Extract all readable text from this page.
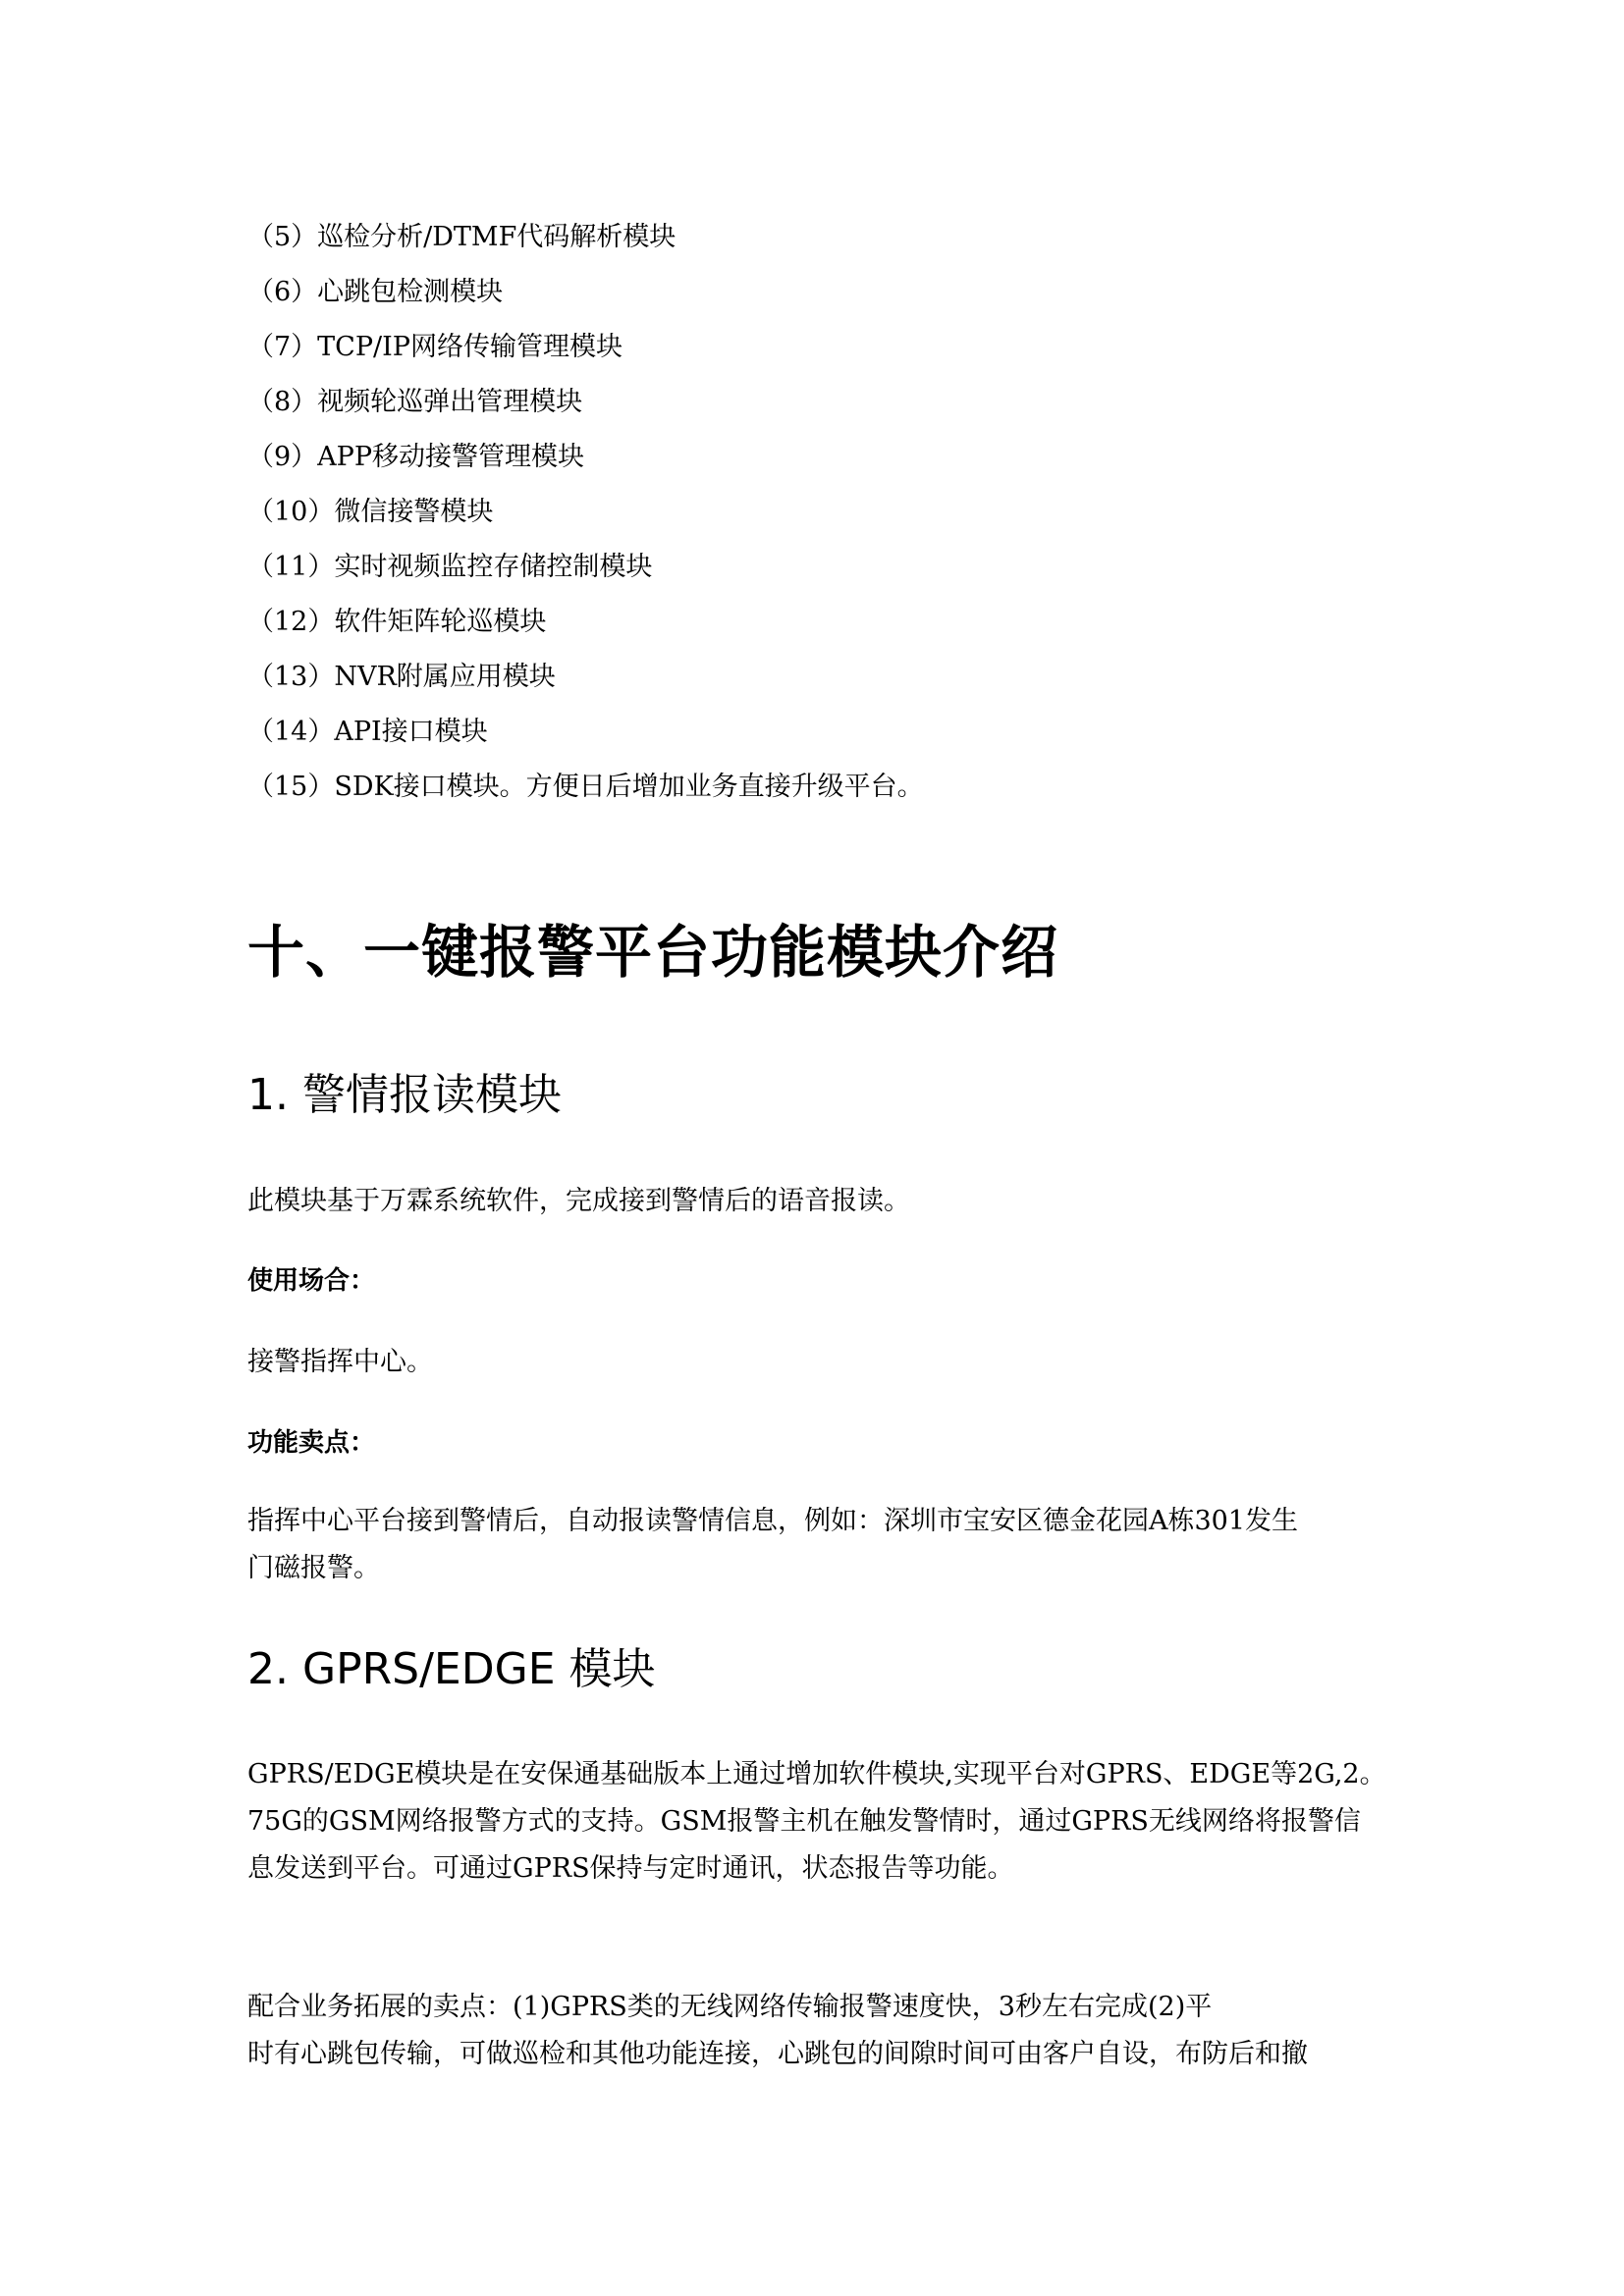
（5）巡检分析/DTMF代码解析模块
（6）心跳包检测模块
（7）TCP/IP网络传输管理模块
（8）视频轮巡弹出管理模块
（9）APP移动接警管理模块
（10）微信接警模块
（11）实时视频监控存储控制模块
（12）软件矩阵轮巡模块
（13）NVR附属应用模块
（14）API接口模块
（15）SDK接口模块。方便日后增加业务直接升级平台。
十、一键报警平台功能模块介绍
1. 警情报读模块
此模块基于万霖系统软件，完成接到警情后的语音报读。
使用场合：
接警指挥中心。
功能卖点：
指挥中心平台接到警情后，自动报读警情信息，例如：深圳市宝安区德金花园A栋301发生
门磁报警。
2. GPRS/EDGE 模块
GPRS/EDGE模块是在安保通基础版本上通过增加软件模块,实现平台对GPRS、EDGE等2G,2。
75G的GSM网络报警方式的支持。GSM报警主机在触发警情时，通过GPRS无线网络将报警信
息发送到平台。可通过GPRS保持与定时通讯，状态报告等功能。
配合业务拓展的卖点：(1)GPRS类的无线网络传输报警速度快，3秒左右完成(2)平
时有心跳包传输，可做巡检和其他功能连接，心跳包的间隙时间可由客户自设，布防后和撤
